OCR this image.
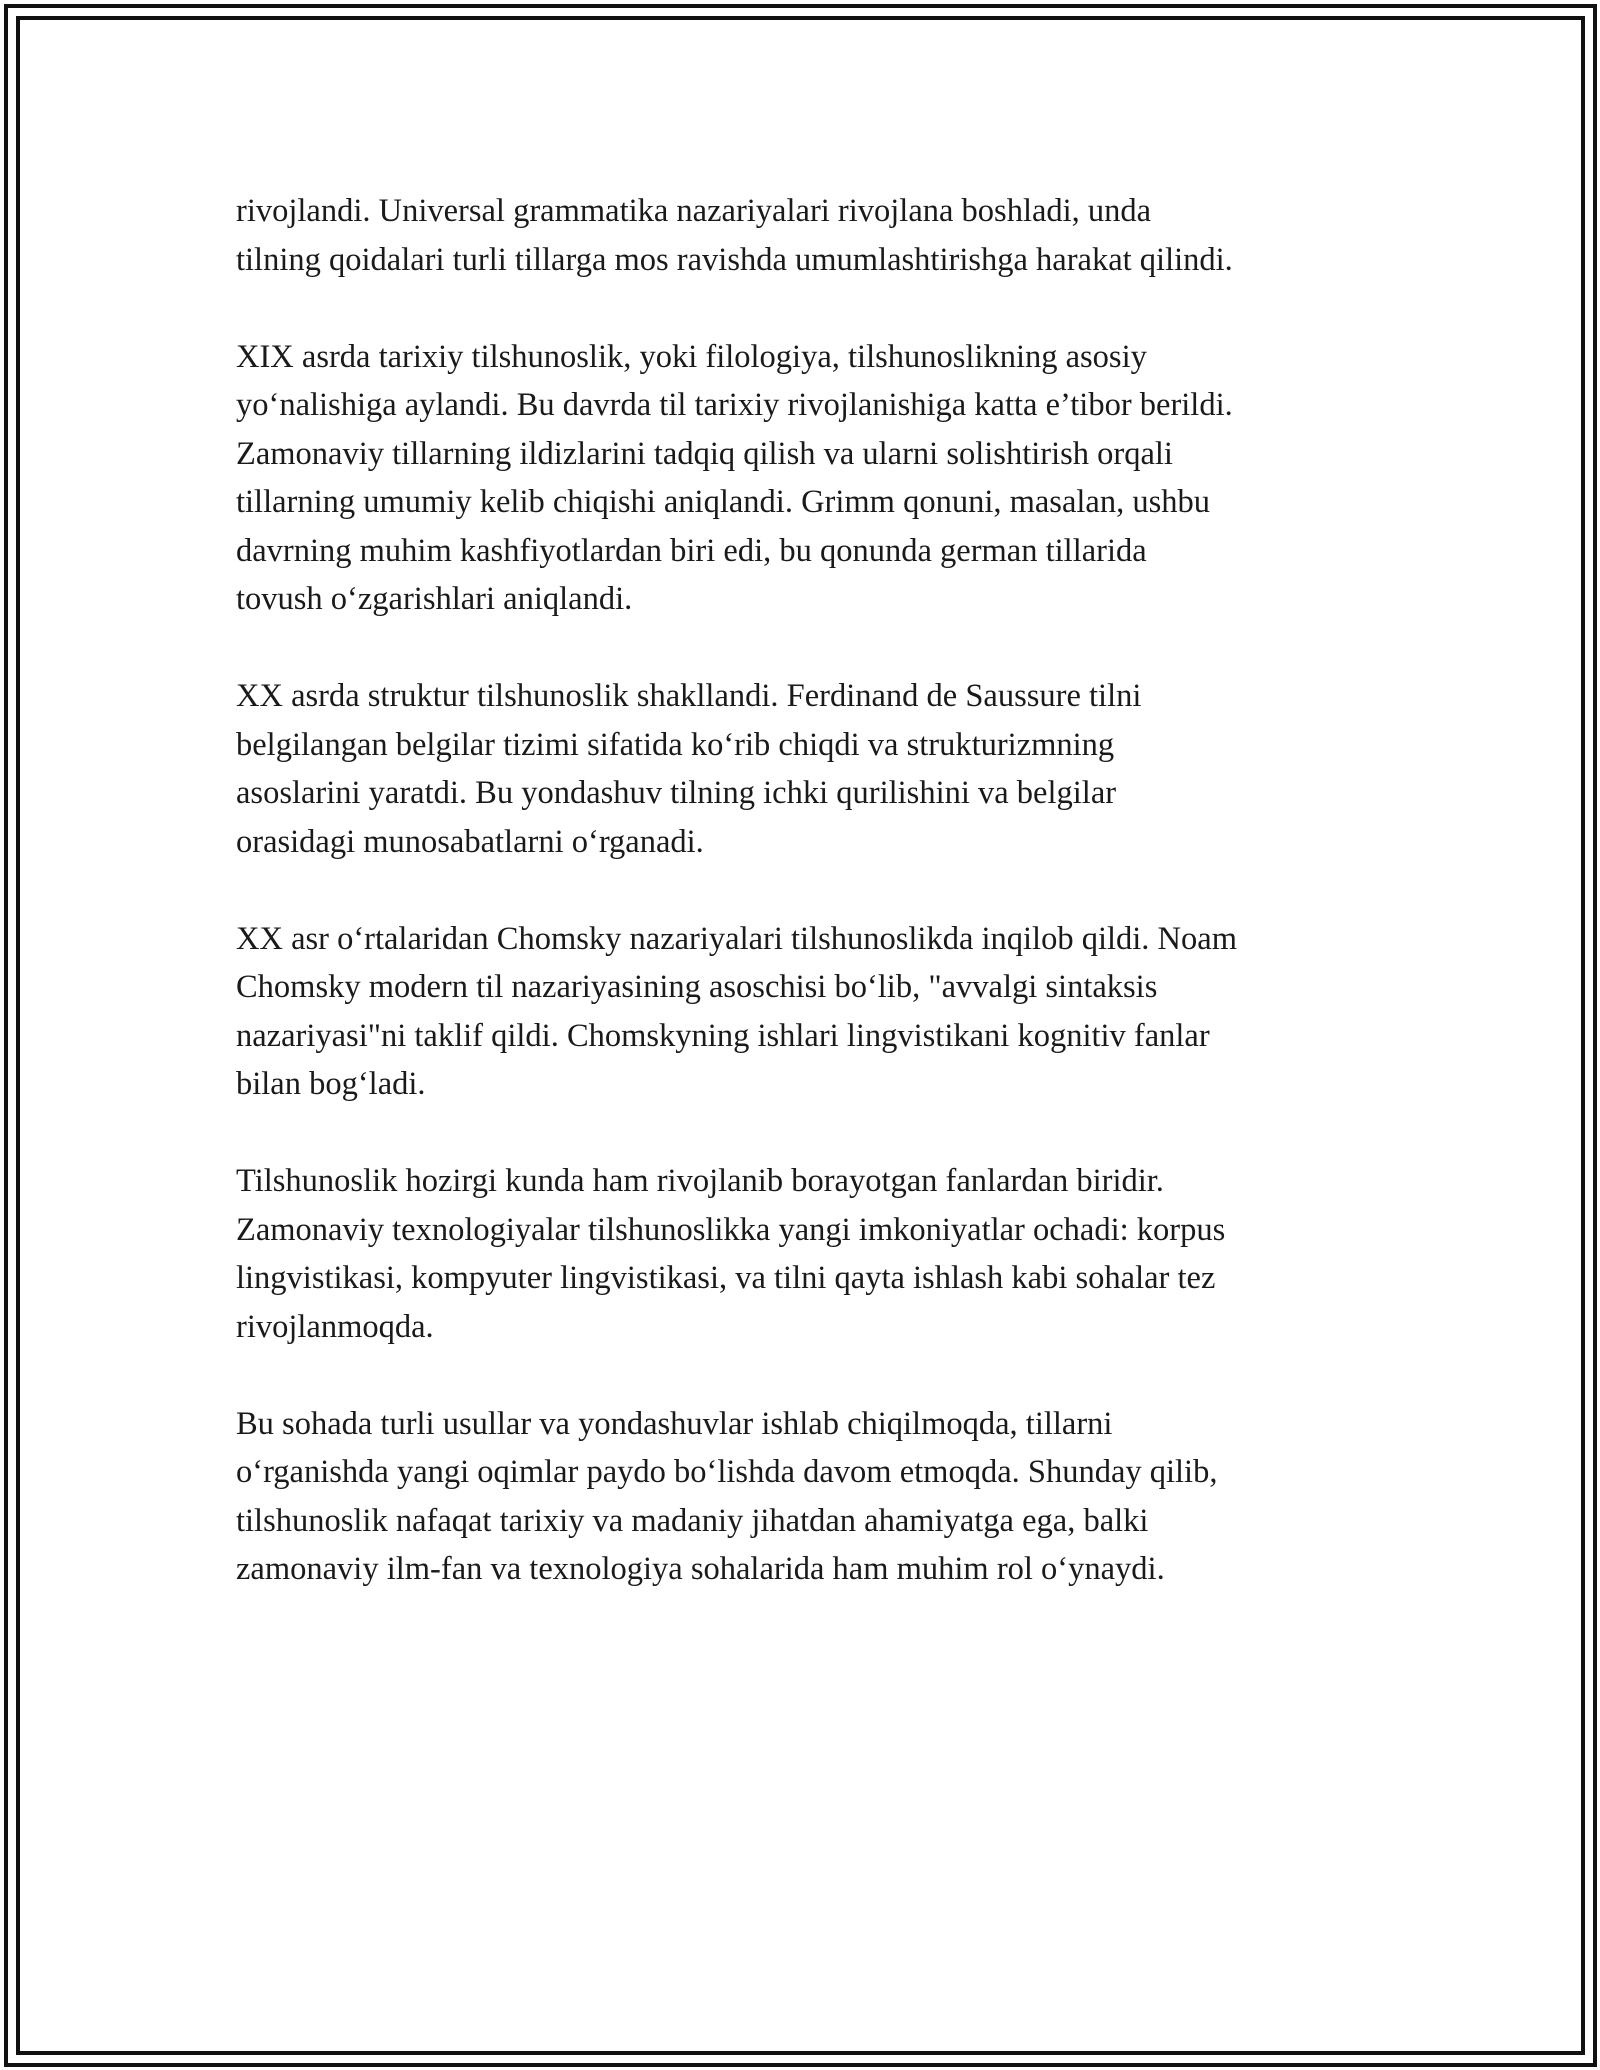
rivojlandi. Universal grammatika nazariyalari rivojlana boshladi, unda
tilning qoidalari turli tillarga mos ravishda umumlashtirishga harakat qilindi.

XIX asrda tarixiy tilshunoslik, yoki filologiya, tilshunoslikning asosiy
yo‘nalishiga aylandi. Bu davrda til tarixiy rivojlanishiga katta e’tibor berildi.
Zamonaviy tillarning ildizlarini tadqiq qilish va ularni solishtirish orqali
tillarning umumiy kelib chiqishi aniqlandi. Grimm qonuni, masalan, ushbu
davrning muhim kashfiyotlardan biri edi, bu qonunda german tillarida
tovush o‘zgarishlari aniqlandi.

XX asrda struktur tilshunoslik shakllandi. Ferdinand de Saussure tilni
belgilangan belgilar tizimi sifatida ko‘rib chiqdi va strukturizmning
asoslarini yaratdi. Bu yondashuv tilning ichki qurilishini va belgilar
orasidagi munosabatlarni o‘rganadi.

XX asr o‘rtalaridan Chomsky nazariyalari tilshunoslikda inqilob qildi. Noam
Chomsky modern til nazariyasining asoschisi bo‘lib, "avvalgi sintaksis
nazariyasi"ni taklif qildi. Chomskyning ishlari lingvistikani kognitiv fanlar
bilan bog‘ladi.

Tilshunoslik hozirgi kunda ham rivojlanib borayotgan fanlardan biridir.
Zamonaviy texnologiyalar tilshunoslikka yangi imkoniyatlar ochadi: korpus
lingvistikasi, kompyuter lingvistikasi, va tilni qayta ishlash kabi sohalar tez
rivojlanmoqda.

Bu sohada turli usullar va yondashuvlar ishlab chiqilmoqda, tillarni
o‘rganishda yangi oqimlar paydo bo‘lishda davom etmoqda. Shunday qilib,
tilshunoslik nafaqat tarixiy va madaniy jihatdan ahamiyatga ega, balki
zamonaviy ilm-fan va texnologiya sohalarida ham muhim rol o‘ynaydi.
